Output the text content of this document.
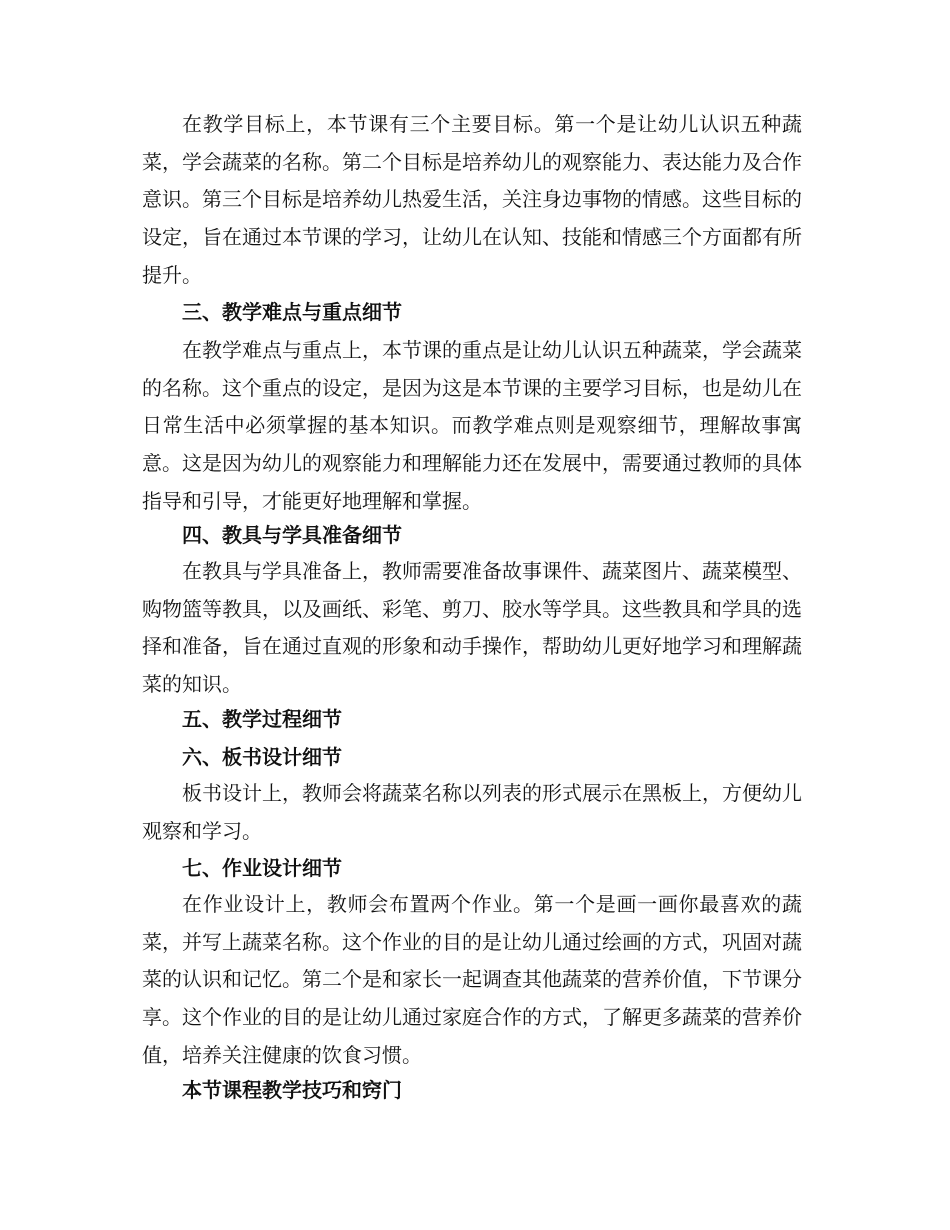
在教学目标上，本节课有三个主要目标。第一个是让幼儿认识五种蔬菜，学会蔬菜的名称。第二个目标是培养幼儿的观察能力、表达能力及合作意识。第三个目标是培养幼儿热爱生活，关注身边事物的情感。这些目标的设定，旨在通过本节课的学习，让幼儿在认知、技能和情感三个方面都有所提升。

三、教学难点与重点细节

在教学难点与重点上，本节课的重点是让幼儿认识五种蔬菜，学会蔬菜的名称。这个重点的设定，是因为这是本节课的主要学习目标，也是幼儿在日常生活中必须掌握的基本知识。而教学难点则是观察细节，理解故事寓意。这是因为幼儿的观察能力和理解能力还在发展中，需要通过教师的具体指导和引导，才能更好地理解和掌握。

四、教具与学具准备细节

在教具与学具准备上，教师需要准备故事课件、蔬菜图片、蔬菜模型、购物篮等教具，以及画纸、彩笔、剪刀、胶水等学具。这些教具和学具的选择和准备，旨在通过直观的形象和动手操作，帮助幼儿更好地学习和理解蔬菜的知识。

五、教学过程细节
六、板书设计细节

板书设计上，教师会将蔬菜名称以列表的形式展示在黑板上，方便幼儿观察和学习。

七、作业设计细节

在作业设计上，教师会布置两个作业。第一个是画一画你最喜欢的蔬菜，并写上蔬菜名称。这个作业的目的是让幼儿通过绘画的方式，巩固对蔬菜的认识和记忆。第二个是和家长一起调查其他蔬菜的营养价值，下节课分享。这个作业的目的是让幼儿通过家庭合作的方式，了解更多蔬菜的营养价值，培养关注健康的饮食习惯。

本节课程教学技巧和窍门
